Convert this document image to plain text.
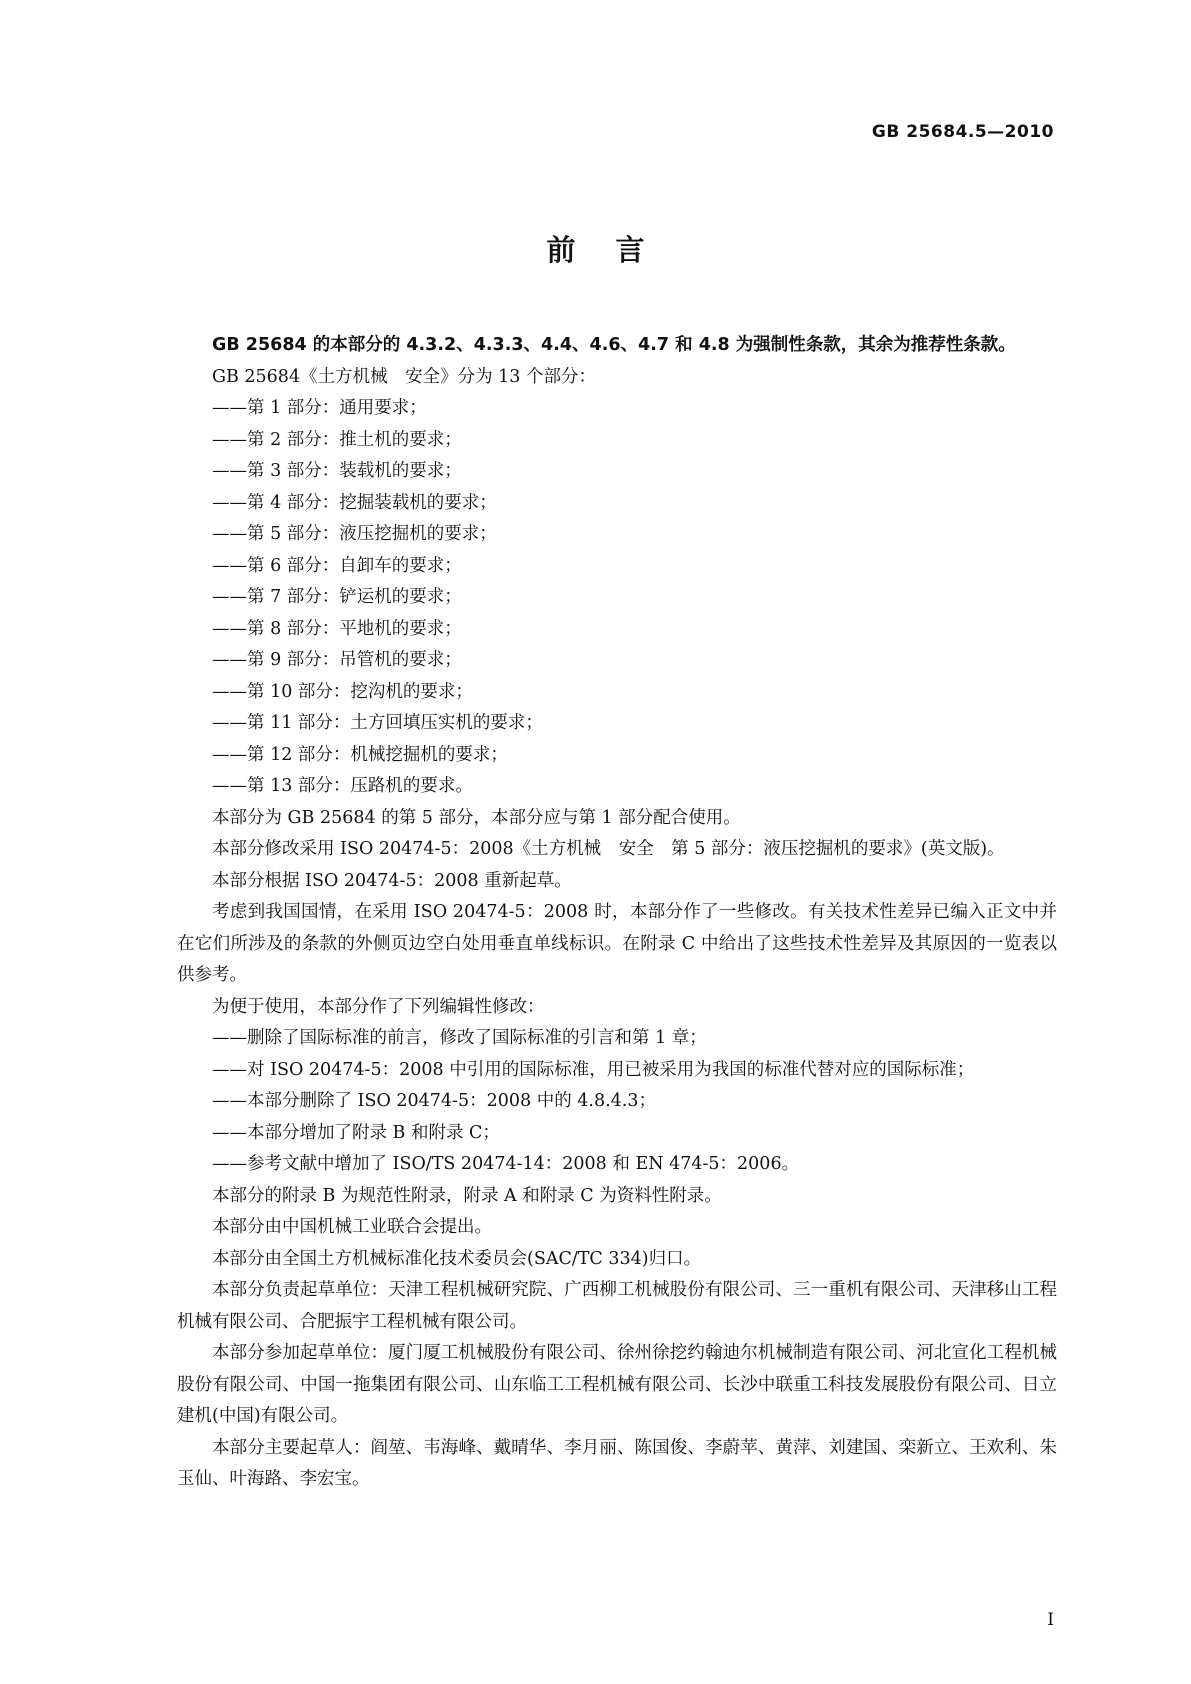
GB 25684.5—2010
前言

GB 25684 的本部分的 4.3.2、4.3.3、4.4、4.6、4.7 和 4.8 为强制性条款，其余为推荐性条款。

GB 25684《土方机械　安全》分为 13 个部分：

——第 1 部分：通用要求；

——第 2 部分：推土机的要求；

——第 3 部分：装载机的要求；

——第 4 部分：挖掘装载机的要求；

——第 5 部分：液压挖掘机的要求；

——第 6 部分：自卸车的要求；

——第 7 部分：铲运机的要求；

——第 8 部分：平地机的要求；

——第 9 部分：吊管机的要求；

——第 10 部分：挖沟机的要求；

——第 11 部分：土方回填压实机的要求；

——第 12 部分：机械挖掘机的要求；

——第 13 部分：压路机的要求。

本部分为 GB 25684 的第 5 部分，本部分应与第 1 部分配合使用。

本部分修改采用 ISO 20474-5：2008《土方机械　安全　第 5 部分：液压挖掘机的要求》(英文版)。

本部分根据 ISO 20474-5：2008 重新起草。

考虑到我国国情，在采用 ISO 20474-5：2008 时，本部分作了一些修改。有关技术性差异已编入正文中并在它们所涉及的条款的外侧页边空白处用垂直单线标识。在附录 C 中给出了这些技术性差异及其原因的一览表以供参考。

为便于使用，本部分作了下列编辑性修改：

——删除了国际标准的前言，修改了国际标准的引言和第 1 章；

——对 ISO 20474-5：2008 中引用的国际标准，用已被采用为我国的标准代替对应的国际标准；

——本部分删除了 ISO 20474-5：2008 中的 4.8.4.3；

——本部分增加了附录 B 和附录 C；

——参考文献中增加了 ISO/TS 20474-14：2008 和 EN 474-5：2006。

本部分的附录 B 为规范性附录，附录 A 和附录 C 为资料性附录。

本部分由中国机械工业联合会提出。

本部分由全国土方机械标准化技术委员会(SAC/TC 334)归口。

本部分负责起草单位：天津工程机械研究院、广西柳工机械股份有限公司、三一重机有限公司、天津移山工程机械有限公司、合肥振宇工程机械有限公司。

本部分参加起草单位：厦门厦工机械股份有限公司、徐州徐挖约翰迪尔机械制造有限公司、河北宣化工程机械股份有限公司、中国一拖集团有限公司、山东临工工程机械有限公司、长沙中联重工科技发展股份有限公司、日立建机(中国)有限公司。

本部分主要起草人：阎堃、韦海峰、戴晴华、李月丽、陈国俊、李蔚苹、黄萍、刘建国、栾新立、王欢利、朱玉仙、叶海路、李宏宝。

I
